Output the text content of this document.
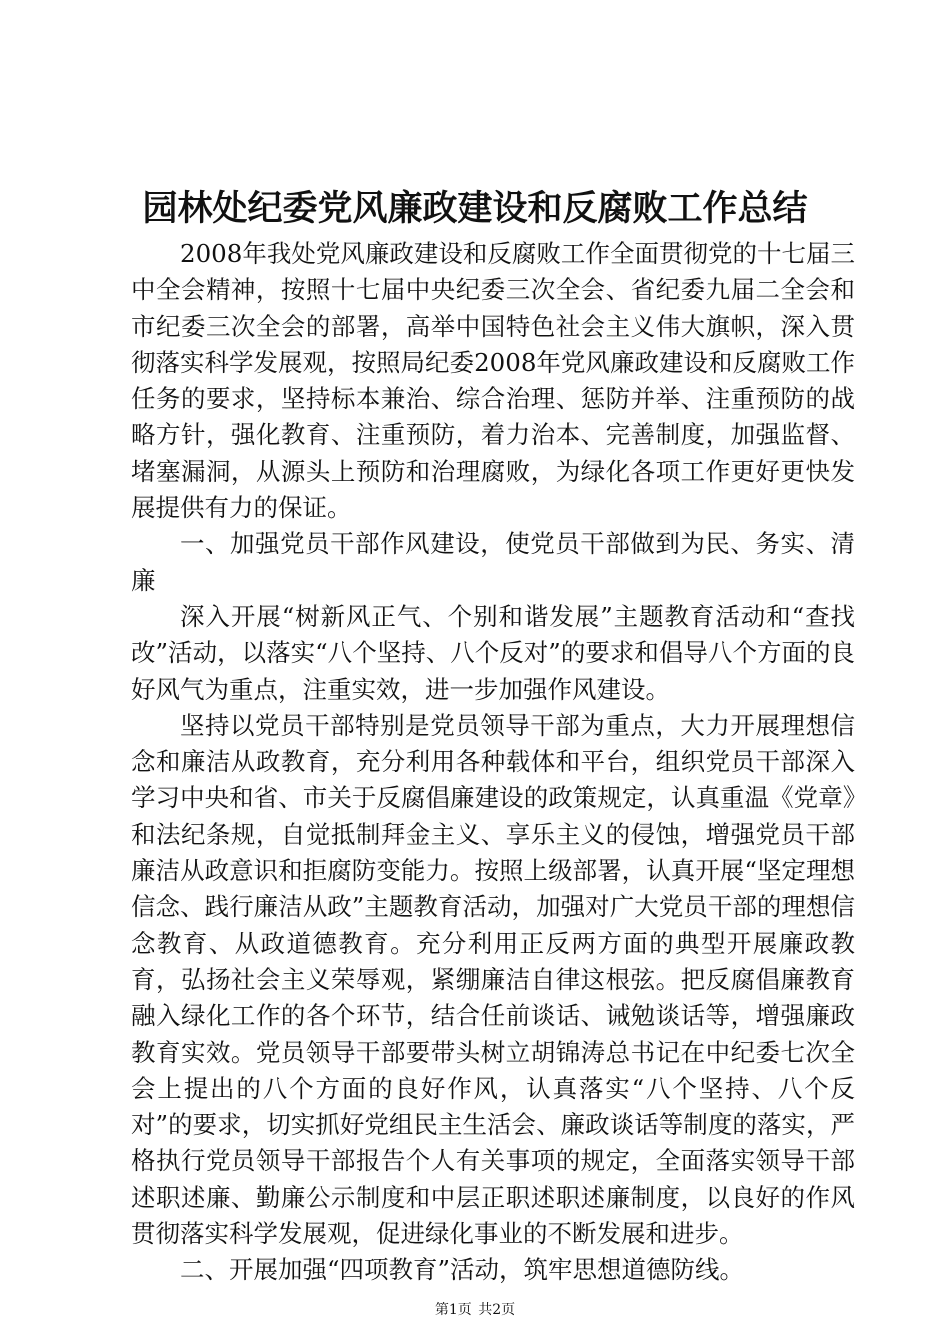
园林处纪委党风廉政建设和反腐败工作总结

2008年我处党风廉政建设和反腐败工作全面贯彻党的十七届三中全会精神，按照十七届中央纪委三次全会、省纪委九届二全会和市纪委三次全会的部署，高举中国特色社会主义伟大旗帜，深入贯彻落实科学发展观，按照局纪委2008年党风廉政建设和反腐败工作任务的要求，坚持标本兼治、综合治理、惩防并举、注重预防的战略方针，强化教育、注重预防，着力治本、完善制度，加强监督、堵塞漏洞，从源头上预防和治理腐败，为绿化各项工作更好更快发展提供有力的保证。

一、加强党员干部作风建设，使党员干部做到为民、务实、清廉

深入开展“树新风正气、个别和谐发展”主题教育活动和“查找改”活动，以落实“八个坚持、八个反对”的要求和倡导八个方面的良好风气为重点，注重实效，进一步加强作风建设。

坚持以党员干部特别是党员领导干部为重点，大力开展理想信念和廉洁从政教育，充分利用各种载体和平台，组织党员干部深入学习中央和省、市关于反腐倡廉建设的政策规定，认真重温《党章》和法纪条规，自觉抵制拜金主义、享乐主义的侵蚀，增强党员干部廉洁从政意识和拒腐防变能力。按照上级部署，认真开展“坚定理想信念、践行廉洁从政”主题教育活动，加强对广大党员干部的理想信念教育、从政道德教育。充分利用正反两方面的典型开展廉政教育，弘扬社会主义荣辱观，紧绷廉洁自律这根弦。把反腐倡廉教育融入绿化工作的各个环节，结合任前谈话、诫勉谈话等，增强廉政教育实效。党员领导干部要带头树立胡锦涛总书记在中纪委七次全会上提出的八个方面的良好作风，认真落实“八个坚持、八个反对”的要求，切实抓好党组民主生活会、廉政谈话等制度的落实，严格执行党员领导干部报告个人有关事项的规定，全面落实领导干部述职述廉、勤廉公示制度和中层正职述职述廉制度，以良好的作风贯彻落实科学发展观，促进绿化事业的不断发展和进步。

二、开展加强“四项教育”活动，筑牢思想道德防线。

第1页 共2页
